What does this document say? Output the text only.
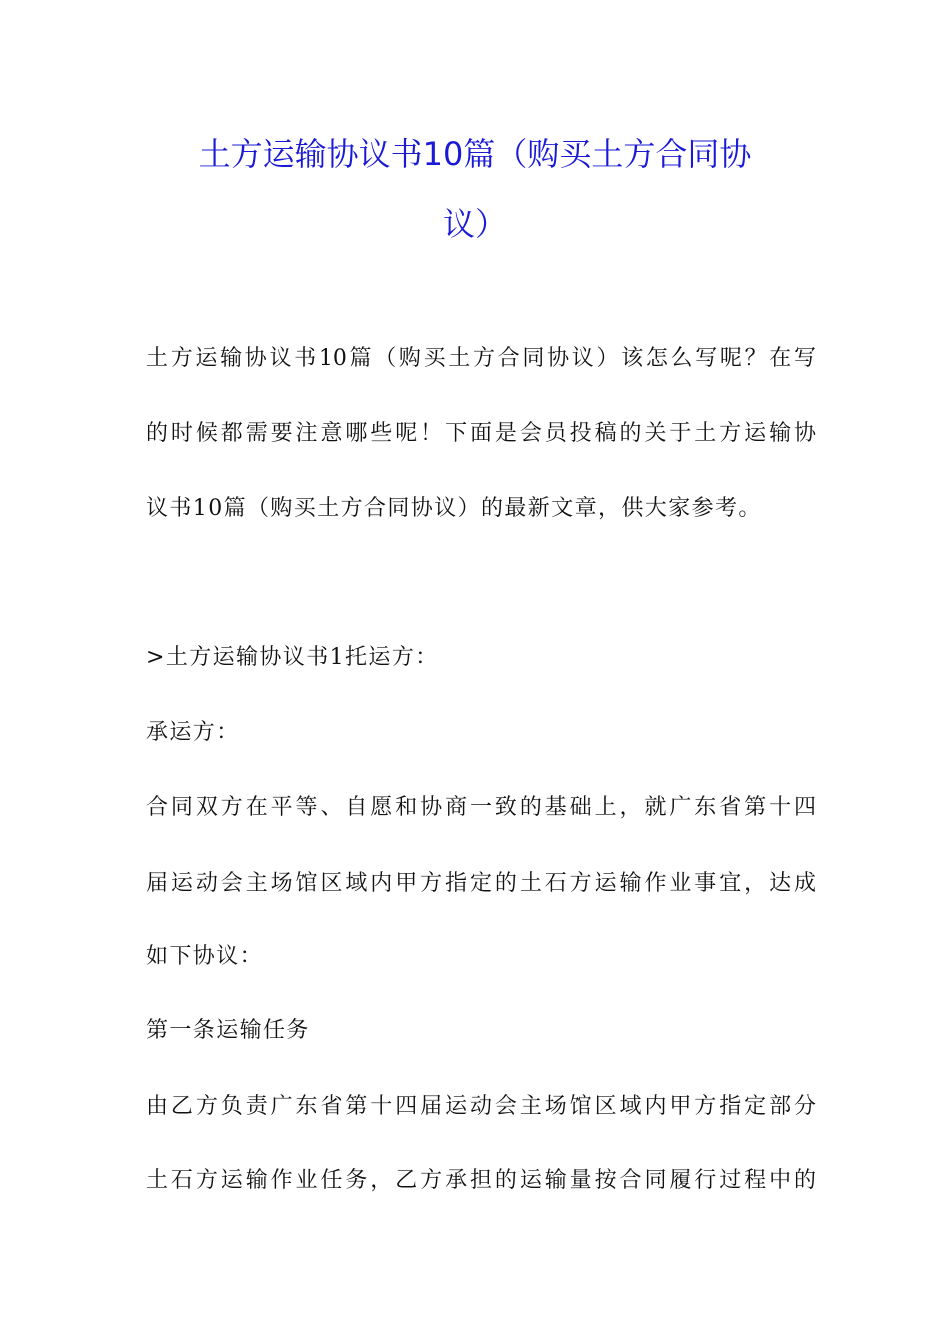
土方运输协议书10篇（购买土方合同协
议）
土方运输协议书10篇（购买土方合同协议）该怎么写呢？在写
的时候都需要注意哪些呢！下面是会员投稿的关于土方运输协
议书10篇（购买土方合同协议）的最新文章，供大家参考。
>土方运输协议书1托运方：
承运方：
合同双方在平等、自愿和协商一致的基础上，就广东省第十四
届运动会主场馆区域内甲方指定的土石方运输作业事宜，达成
如下协议：
第一条运输任务
由乙方负责广东省第十四届运动会主场馆区域内甲方指定部分
土石方运输作业任务，乙方承担的运输量按合同履行过程中的
